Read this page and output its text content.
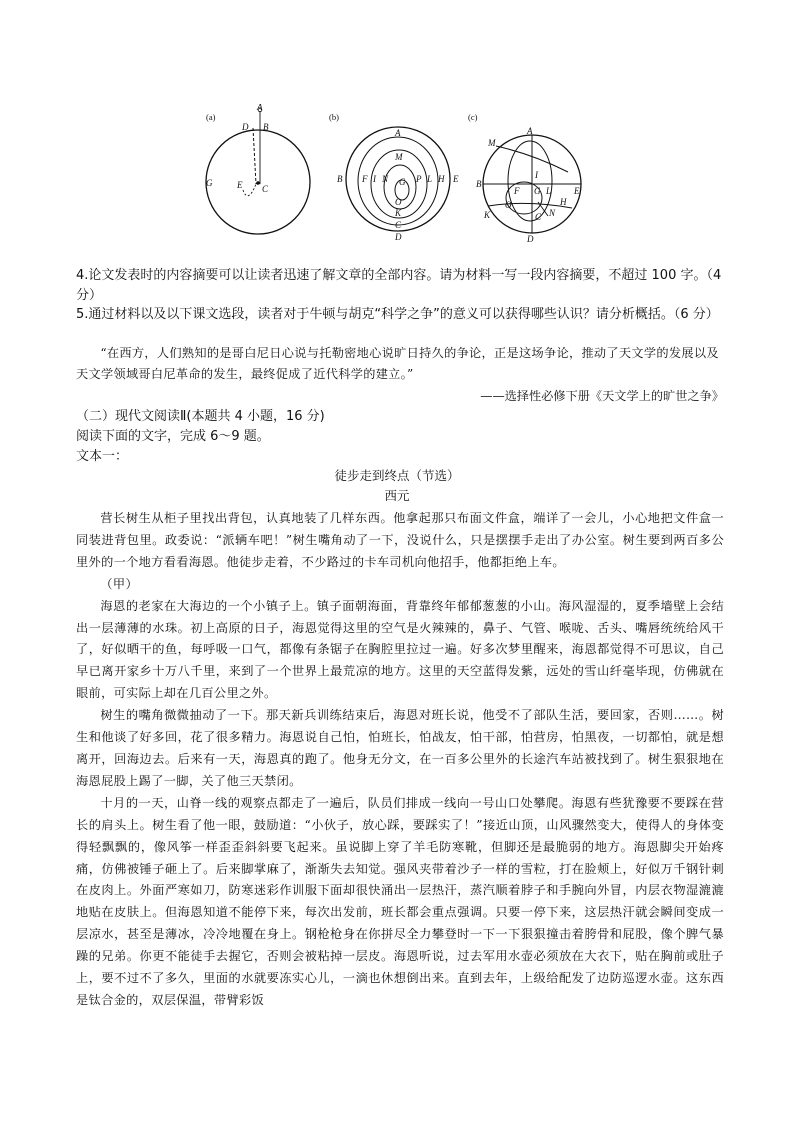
(a)
A
D B
G	E C
(b)
A
M
B F I N G P L H E
O
K
C
D
(c)
M
A
I
B
F G L	E
O	H
K	N
C
D
4.论文发表时的内容摘要可以让读者迅速了解文章的全部内容。请为材料一写一段内容摘要，不超过 100 字。（4 分）
5.通过材料以及以下课文选段，读者对于牛顿与胡克“科学之争”的意义可以获得哪些认识？请分析概括。（6 分）
“在西方，人们熟知的是哥白尼日心说与托勒密地心说旷日持久的争论，正是这场争论，推动了天文学的发展以及天文学领域哥白尼革命的发生，最终促成了近代科学的建立。”
——选择性必修下册《天文学上的旷世之争》
（二）现代文阅读Ⅱ(本题共 4 小题，16 分)
阅读下面的文字，完成 6～9 题。
文本一：
徒步走到终点（节选）
西元

营长树生从柜子里找出背包，认真地装了几样东西。他拿起那只布面文件盒，端详了一会儿，小心地把文件盒一同装进背包里。政委说：“派辆车吧！”树生嘴角动了一下，没说什么，只是摆摆手走出了办公室。树生要到两百多公里外的一个地方看看海恩。他徒步走着，不少路过的卡车司机向他招手，他都拒绝上车。

（甲）

海恩的老家在大海边的一个小镇子上。镇子面朝海面，背靠终年郁郁葱葱的小山。海风湿湿的，夏季墙壁上会结出一层薄薄的水珠。初上高原的日子，海恩觉得这里的空气是火辣辣的，鼻子、气管、喉咙、舌头、嘴唇统统给风干了，好似晒干的鱼，每呼吸一口气，都像有条锯子在胸腔里拉过一遍。好多次梦里醒来，海恩都觉得不可思议，自己早已离开家乡十万八千里，来到了一个世界上最荒凉的地方。这里的天空蓝得发紫，远处的雪山纤毫毕现，仿佛就在眼前，可实际上却在几百公里之外。

树生的嘴角微微抽动了一下。那天新兵训练结束后，海恩对班长说，他受不了部队生活，要回家，否则……。树生和他谈了好多回，花了很多精力。海恩说自己怕，怕班长，怕战友，怕干部，怕营房，怕黑夜，一切都怕，就是想离开，回海边去。后来有一天，海恩真的跑了。他身无分文，在一百多公里外的长途汽车站被找到了。树生狠狠地在海恩屁股上踢了一脚，关了他三天禁闭。

十月的一天，山脊一线的观察点都走了一遍后，队员们排成一线向一号山口处攀爬。海恩有些犹豫要不要踩在营长的肩头上。树生看了他一眼，鼓励道：“小伙子，放心踩，要踩实了！”接近山顶，山风骤然变大，使得人的身体变得轻飘飘的，像风筝一样歪歪斜斜要飞起来。虽说脚上穿了羊毛防寒靴，但脚还是最脆弱的地方。海恩脚尖开始疼痛，仿佛被锤子砸上了。后来脚掌麻了，渐渐失去知觉。强风夹带着沙子一样的雪粒，打在脸颊上，好似万千钢针刺在皮肉上。外面严寒如刀，防寒迷彩作训服下面却很快涌出一层热汗，蒸汽顺着脖子和手腕向外冒，内层衣物湿漉漉地贴在皮肤上。但海恩知道不能停下来，每次出发前，班长都会重点强调。只要一停下来，这层热汗就会瞬间变成一层凉水，甚至是薄冰，冷冷地覆在身上。钢枪枪身在你拼尽全力攀登时一下一下狠狠撞击着胯骨和屁股，像个脾气暴躁的兄弟。你更不能徒手去握它，否则会被粘掉一层皮。海恩听说，过去军用水壶必须放在大衣下，贴在胸前或肚子上，要不过不了多久，里面的水就要冻实心儿，一滴也休想倒出来。直到去年，上级给配发了边防巡逻水壶。这东西是钛合金的，双层保温，带臂彩饭
